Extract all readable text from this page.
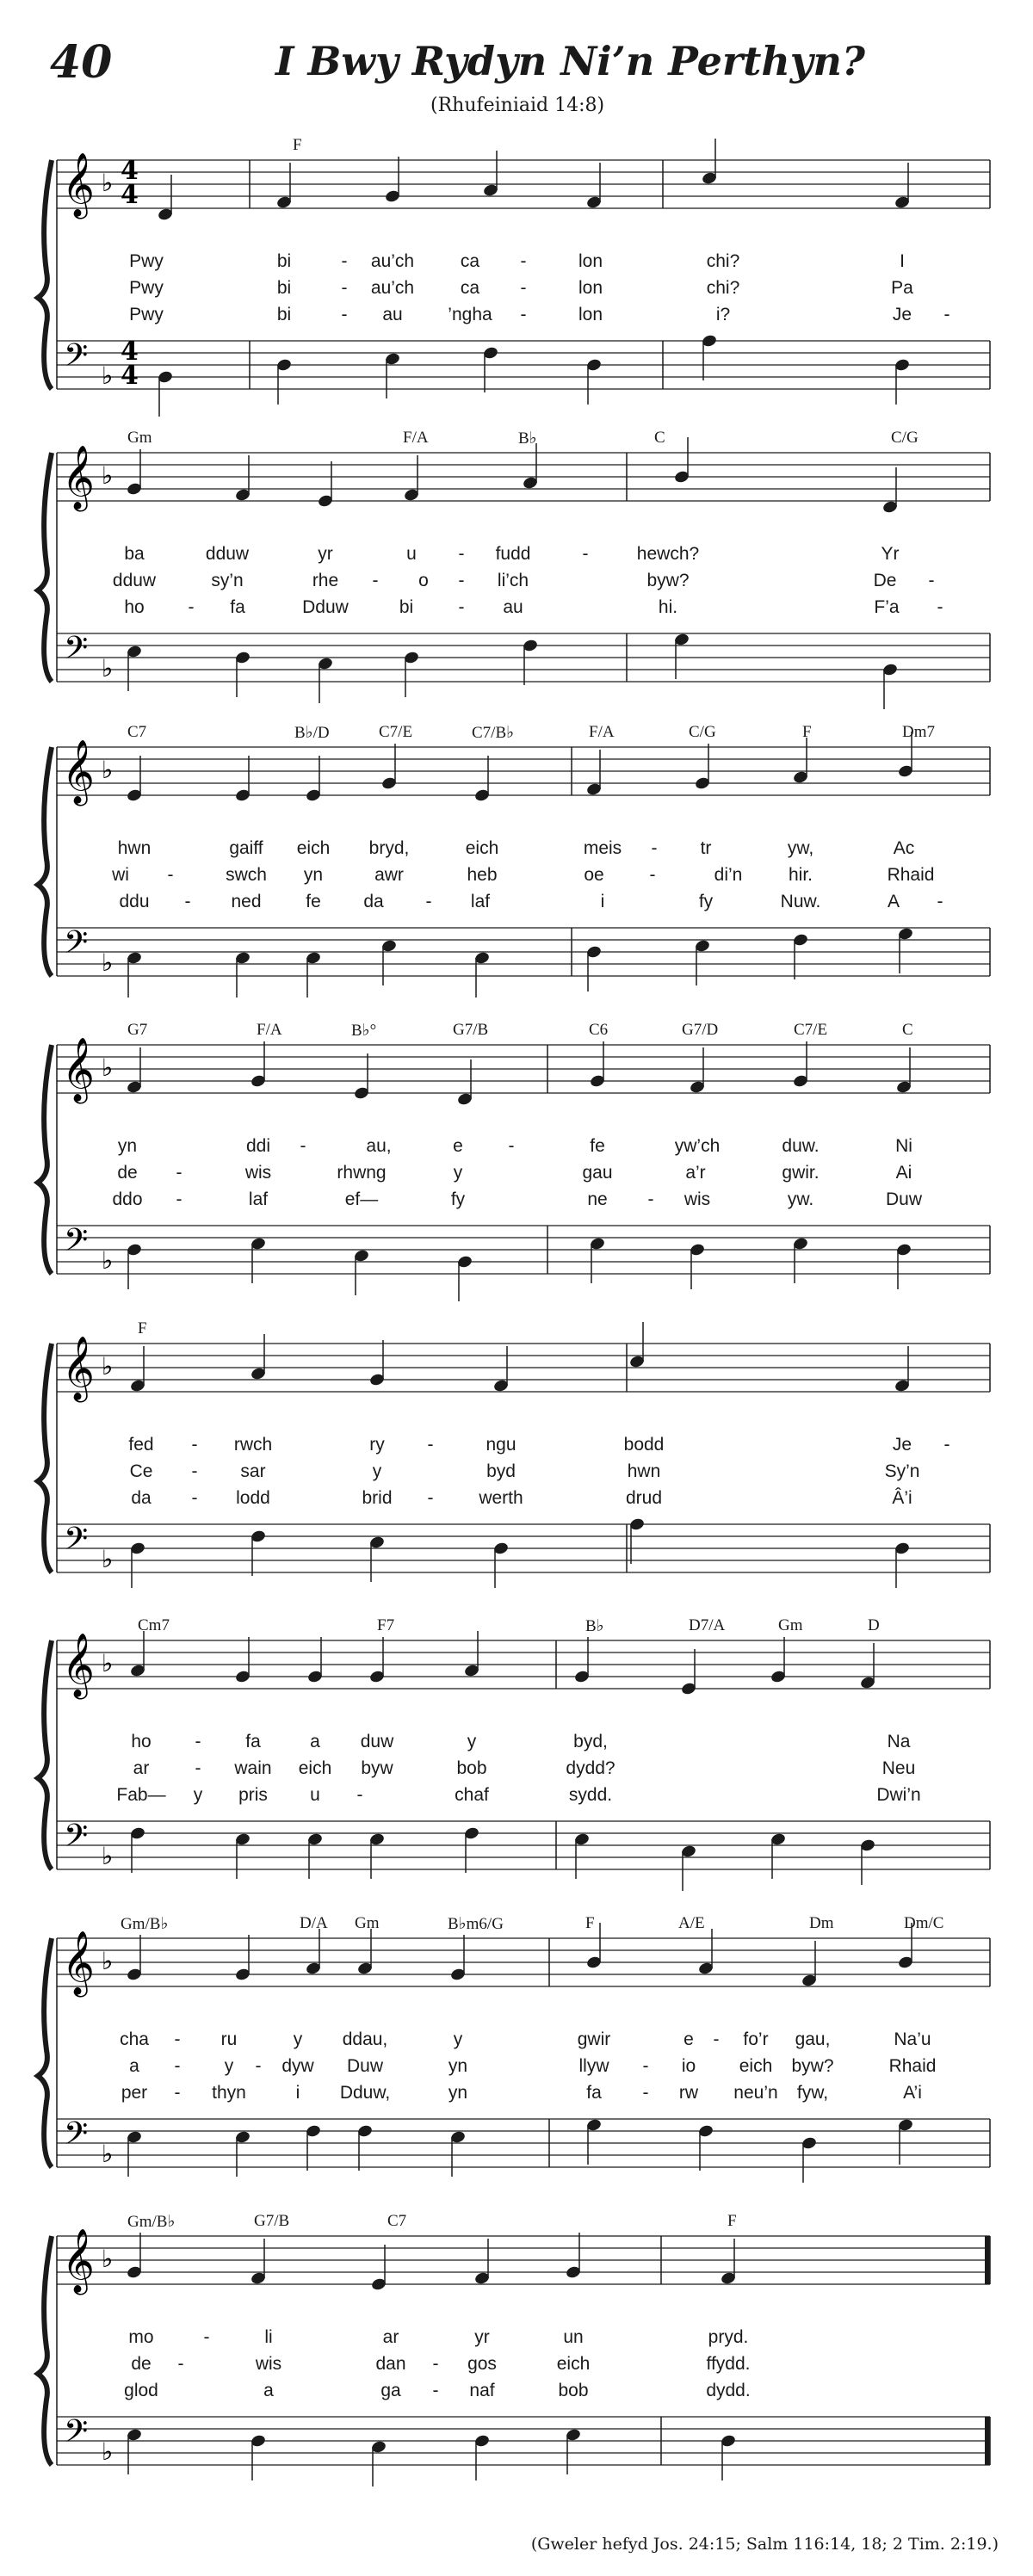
40	I Bwy Rydyn Ni’n Perthyn?
(Rhufeiniaid 14:8)
𝄞
𝄢
♭
♭
4
4
4
4
F
Pwy	bi	-	au’ch	ca	-	lon	chi?	I
Pwy	bi	-	au’ch	ca	-	lon	chi?	Pa
Pwy	bi	-	au	’ngha	-	lon	i?	Je	-
𝄞
𝄢
♭
♭
Gm	F/A	B♭	C	C/G
ba	dduw	yr	u	-	fudd	-	hewch?	Yr
dduw	sy’n	rhe	-	o	-	li’ch	byw?	De	-
ho	-	fa	Dduw	bi	-	au	hi.	F’a	-
𝄞
𝄢
♭
♭
C7	B♭/D	C7/E	C7/B♭	F/A	C/G	F	Dm7
hwn	gaiff	eich	bryd,	eich	meis	-	tr	yw,	Ac
wi	-	swch	yn	awr	heb	oe	-	di’n	hir.	Rhaid
ddu	-	ned	fe	da	-	laf	i	fy	Nuw.	A	-
𝄞
𝄢
♭
♭
G7	F/A	B♭°	G7/B	C6	G7/D	C7/E	C
yn	ddi	-	au,	e	-	fe	yw’ch	duw.	Ni
de	-	wis	rhwng	y	gau	a’r	gwir.	Ai
ddo	-	laf	ef—	fy	ne	-	wis	yw.	Duw
𝄞
𝄢
♭
♭
F
fed	-	rwch	ry	-	ngu	bodd	Je	-
Ce	-	sar	y	byd	hwn	Sy’n
da	-	lodd	brid	-	werth	drud	Â’i
𝄞
𝄢
♭
♭
Cm7	F7	B♭	D7/A	Gm	D
ho	-	fa	a	duw	y	byd,	Na
ar	-	wain	eich	byw	bob	dydd?	Neu
Fab—	y	pris	u	-	chaf	sydd.	Dwi’n
𝄞
𝄢
♭
♭
Gm/B♭	D/A Gm	B♭m6/G	F	A/E	Dm	Dm/C
cha	-	ru	y	ddau,	y	gwir	e	-	fo’r	gau,	Na’u
a	-	y	-	dyw	Duw	yn	llyw	-	io	eich	byw?	Rhaid
per	-	thyn	i	Dduw,	yn	fa	-	rw	neu’n	fyw,	A’i
𝄞
𝄢
♭
♭
Gm/B♭	G7/B	C7	F
mo	-	li	ar	yr	un	pryd.
de	-	wis	dan	-	gos	eich	ffydd.
glod	a	ga	-	naf	bob	dydd.
(Gweler hefyd Jos. 24:15; Salm 116:14, 18; 2 Tim. 2:19.)
